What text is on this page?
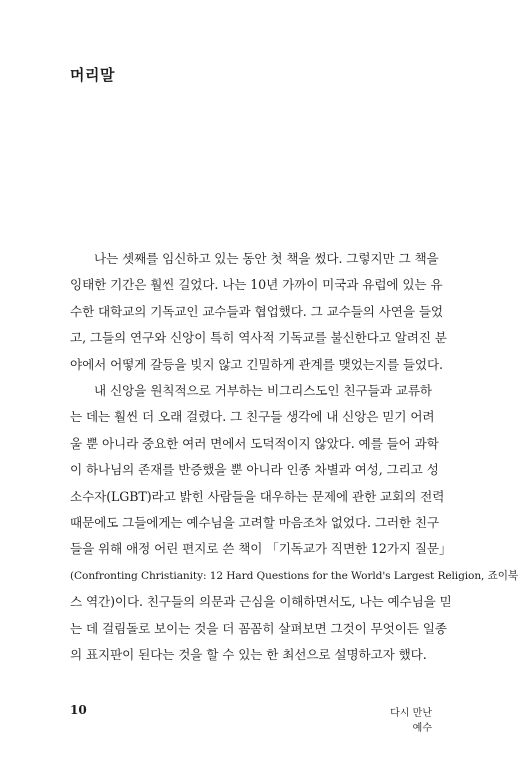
머리말
나는 셋째를 임신하고 있는 동안 첫 책을 썼다. 그렇지만 그 책을
잉태한 기간은 훨씬 길었다. 나는 10년 가까이 미국과 유럽에 있는 유
수한 대학교의 기독교인 교수들과 협업했다. 그 교수들의 사연을 들었
고, 그들의 연구와 신앙이 특히 역사적 기독교를 불신한다고 알려진 분
야에서 어떻게 갈등을 빚지 않고 긴밀하게 관계를 맺었는지를 들었다.
내 신앙을 원칙적으로 거부하는 비그리스도인 친구들과 교류하
는 데는 훨씬 더 오래 걸렸다. 그 친구들 생각에 내 신앙은 믿기 어려
울 뿐 아니라 중요한 여러 면에서 도덕적이지 않았다. 예를 들어 과학
이 하나님의 존재를 반증했을 뿐 아니라 인종 차별과 여성, 그리고 성
소수자(LGBT)라고 밝힌 사람들을 대우하는 문제에 관한 교회의 전력
때문에도 그들에게는 예수님을 고려할 마음조차 없었다. 그러한 친구
들을 위해 애정 어린 편지로 쓴 책이 「기독교가 직면한 12가지 질문」
(Confronting Christianity: 12 Hard Questions for the World's Largest Religion, 죠이북
스 역간)이다. 친구들의 의문과 근심을 이해하면서도, 나는 예수님을 믿
는 데 걸림돌로 보이는 것을 더 꼼꼼히 살펴보면 그것이 무엇이든 일종
의 표지판이 된다는 것을 할 수 있는 한 최선으로 설명하고자 했다.

10	다시 만난 예수
